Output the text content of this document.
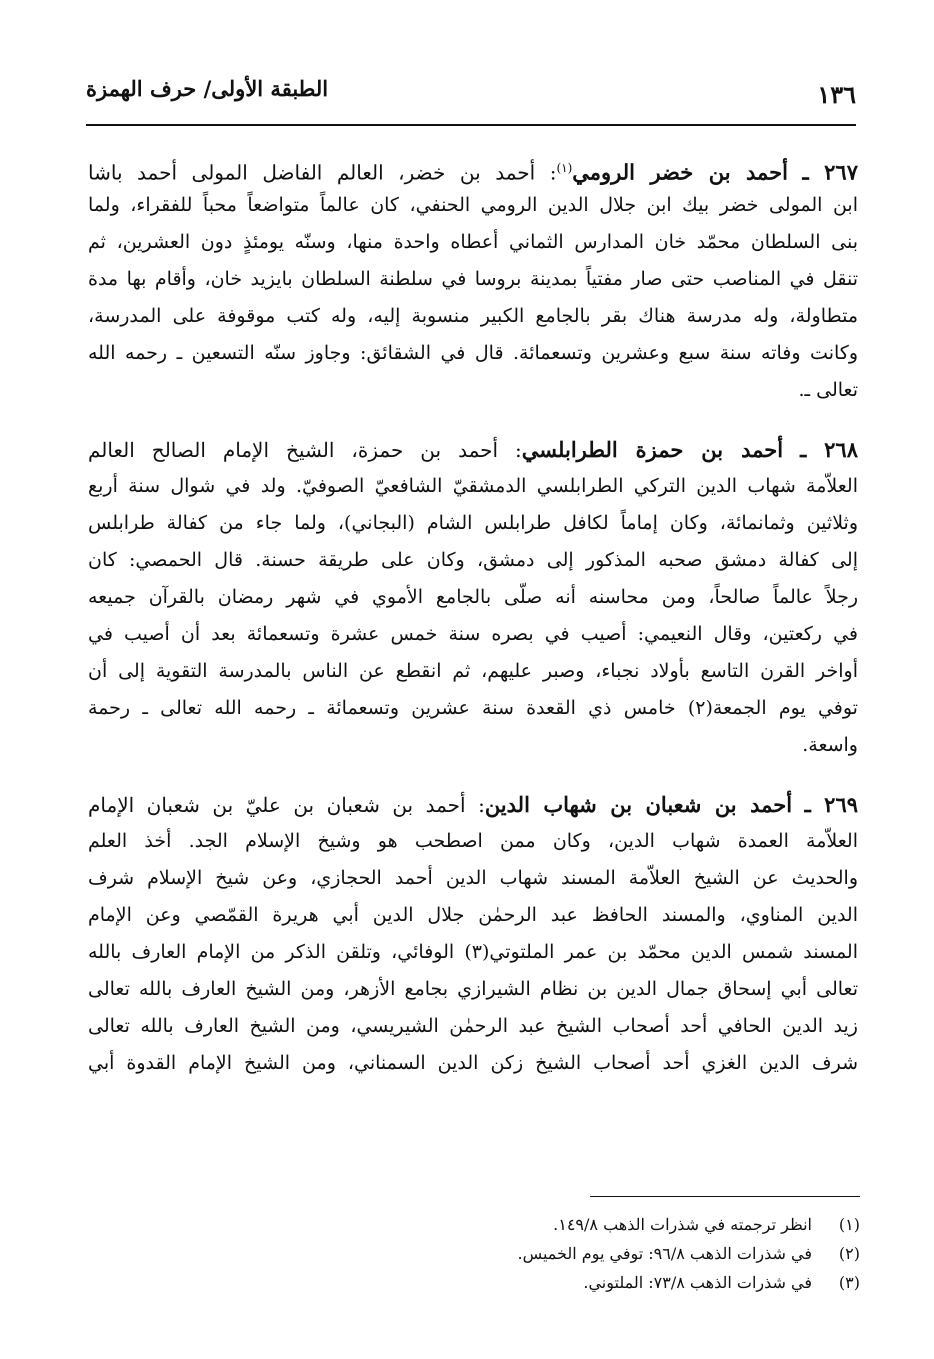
١٣٦
الطبقة الأولى/ حرف الهمزة
٢٦٧ ـ أحمد بن خضر الرومي$^{(١)}$: أحمد بن خضر، العالم الفاضل المولى أحمد باشا
ابن المولى خضر بيك ابن جلال الدين الرومي الحنفي، كان عالماً متواضعاً محباً للفقراء، ولما
بنى السلطان محمّد خان المدارس الثماني أعطاه واحدة منها، وسنّه يومئذٍ دون العشرين، ثم
تنقل في المناصب حتى صار مفتياً بمدينة بروسا في سلطنة السلطان بايزيد خان، وأقام بها مدة
متطاولة، وله مدرسة هناك بقر بالجامع الكبير منسوبة إليه، وله كتب موقوفة على المدرسة،
وكانت وفاته سنة سبع وعشرين وتسعمائة. قال في الشقائق: وجاوز سنّه التسعين ـ رحمه الله
تعالى ـ.
٢٦٨ ـ أحمد بن حمزة الطرابلسي: أحمد بن حمزة، الشيخ الإمام الصالح العالم
العلاّمة شهاب الدين التركي الطرابلسي الدمشقيّ الشافعيّ الصوفيّ. ولد في شوال سنة أربع
وثلاثين وثمانمائة، وكان إماماً لكافل طرابلس الشام (البجاني)، ولما جاء من كفالة طرابلس
إلى كفالة دمشق صحبه المذكور إلى دمشق، وكان على طريقة حسنة. قال الحمصي: كان
رجلاً عالماً صالحاً، ومن محاسنه أنه صلّى بالجامع الأموي في شهر رمضان بالقرآن جميعه
في ركعتين، وقال النعيمي: أصيب في بصره سنة خمس عشرة وتسعمائة بعد أن أصيب في
أواخر القرن التاسع بأولاد نجباء، وصبر عليهم، ثم انقطع عن الناس بالمدرسة التقوية إلى أن
توفي يوم الجمعة(٢) خامس ذي القعدة سنة عشرين وتسعمائة ـ رحمه الله تعالى ـ رحمة
واسعة.
٢٦٩ ـ أحمد بن شعبان بن شهاب الدين: أحمد بن شعبان بن عليّ بن شعبان الإمام
العلاّمة العمدة شهاب الدين، وكان ممن اصطحب هو وشيخ الإسلام الجد. أخذ العلم
والحديث عن الشيخ العلاّمة المسند شهاب الدين أحمد الحجازي، وعن شيخ الإسلام شرف
الدين المناوي، والمسند الحافظ عبد الرحمٰن جلال الدين أبي هريرة القمّصي وعن الإمام
المسند شمس الدين محمّد بن عمر الملتوتي(٣) الوفائي، وتلقن الذكر من الإمام العارف بالله
تعالى أبي إسحاق جمال الدين بن نظام الشيرازي بجامع الأزهر، ومن الشيخ العارف بالله تعالى
زيد الدين الحافي أحد أصحاب الشيخ عبد الرحمٰن الشيريسي، ومن الشيخ العارف بالله تعالى
شرف الدين الغزي أحد أصحاب الشيخ زكن الدين السمناني، ومن الشيخ الإمام القدوة أبي
(١)انظر ترجمته في شذرات الذهب ١٤٩/٨.
(٢)في شذرات الذهب ٩٦/٨: توفي يوم الخميس.
(٣)في شذرات الذهب ٧٣/٨: الملتوني.
